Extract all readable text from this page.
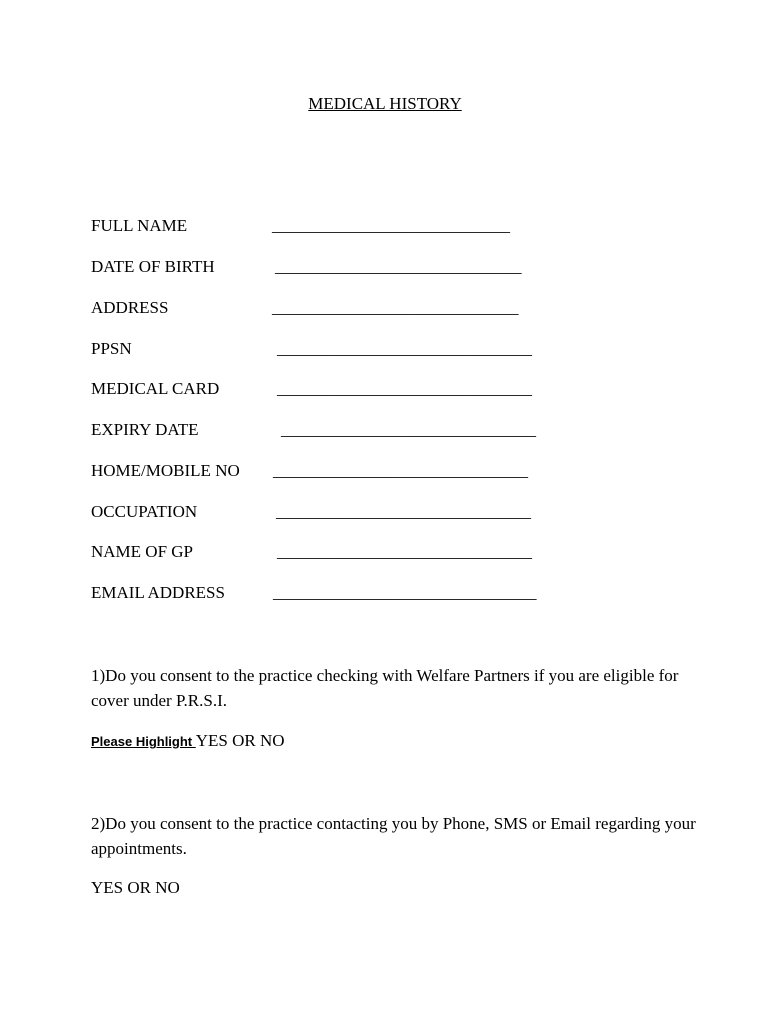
MEDICAL HISTORY
FULL NAME	____________________________
DATE OF BIRTH	_____________________________
ADDRESS	_____________________________
PPSN	______________________________
MEDICAL CARD	______________________________
EXPIRY DATE	______________________________
HOME/MOBILE NO ______________________________
OCCUPATION	______________________________
NAME OF GP	______________________________
EMAIL ADDRESS	_______________________________
1)Do you consent to the practice checking with Welfare Partners if you are eligible for cover under P.R.S.I.
Please Highlight YES OR NO
2)Do you consent to the practice contacting you by Phone, SMS or Email regarding your appointments.
YES OR NO
